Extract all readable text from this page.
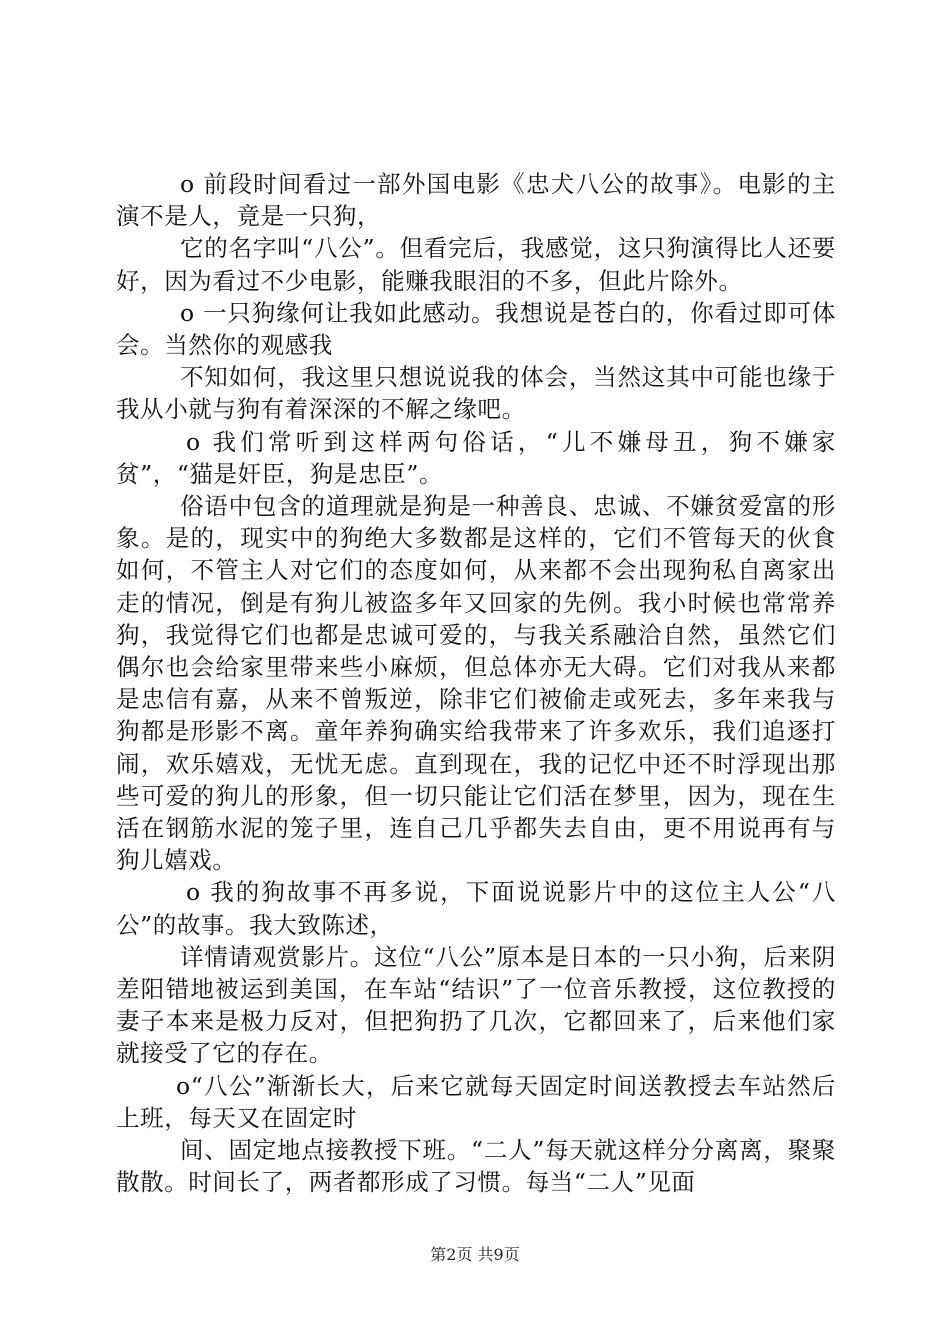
o 前段时间看过一部外国电影《忠犬八公的故事》。电影的主演不是人，竟是一只狗，

它的名字叫“八公”。但看完后，我感觉，这只狗演得比人还要好，因为看过不少电影，能赚我眼泪的不多，但此片除外。

o 一只狗缘何让我如此感动。我想说是苍白的，你看过即可体会。当然你的观感我

不知如何，我这里只想说说我的体会，当然这其中可能也缘于我从小就与狗有着深深的不解之缘吧。

o 我们常听到这样两句俗话，“儿不嫌母丑，狗不嫌家贫”，“猫是奸臣，狗是忠臣”。

俗语中包含的道理就是狗是一种善良、忠诚、不嫌贫爱富的形象。是的，现实中的狗绝大多数都是这样的，它们不管每天的伙食如何，不管主人对它们的态度如何，从来都不会出现狗私自离家出走的情况，倒是有狗儿被盗多年又回家的先例。我小时候也常常养狗，我觉得它们也都是忠诚可爱的，与我关系融洽自然，虽然它们偶尔也会给家里带来些小麻烦，但总体亦无大碍。它们对我从来都是忠信有嘉，从来不曾叛逆，除非它们被偷走或死去，多年来我与狗都是形影不离。童年养狗确实给我带来了许多欢乐，我们追逐打闹，欢乐嬉戏，无忧无虑。直到现在，我的记忆中还不时浮现出那些可爱的狗儿的形象，但一切只能让它们活在梦里，因为，现在生活在钢筋水泥的笼子里，连自己几乎都失去自由，更不用说再有与狗儿嬉戏。

o 我的狗故事不再多说，下面说说影片中的这位主人公“八公”的故事。我大致陈述，

详情请观赏影片。这位“八公”原本是日本的一只小狗，后来阴差阳错地被运到美国，在车站“结识”了一位音乐教授，这位教授的妻子本来是极力反对，但把狗扔了几次，它都回来了，后来他们家就接受了它的存在。

o“八公”渐渐长大，后来它就每天固定时间送教授去车站然后上班，每天又在固定时

间、固定地点接教授下班。“二人”每天就这样分分离离，聚聚散散。时间长了，两者都形成了习惯。每当“二人”见面

第2页 共9页
